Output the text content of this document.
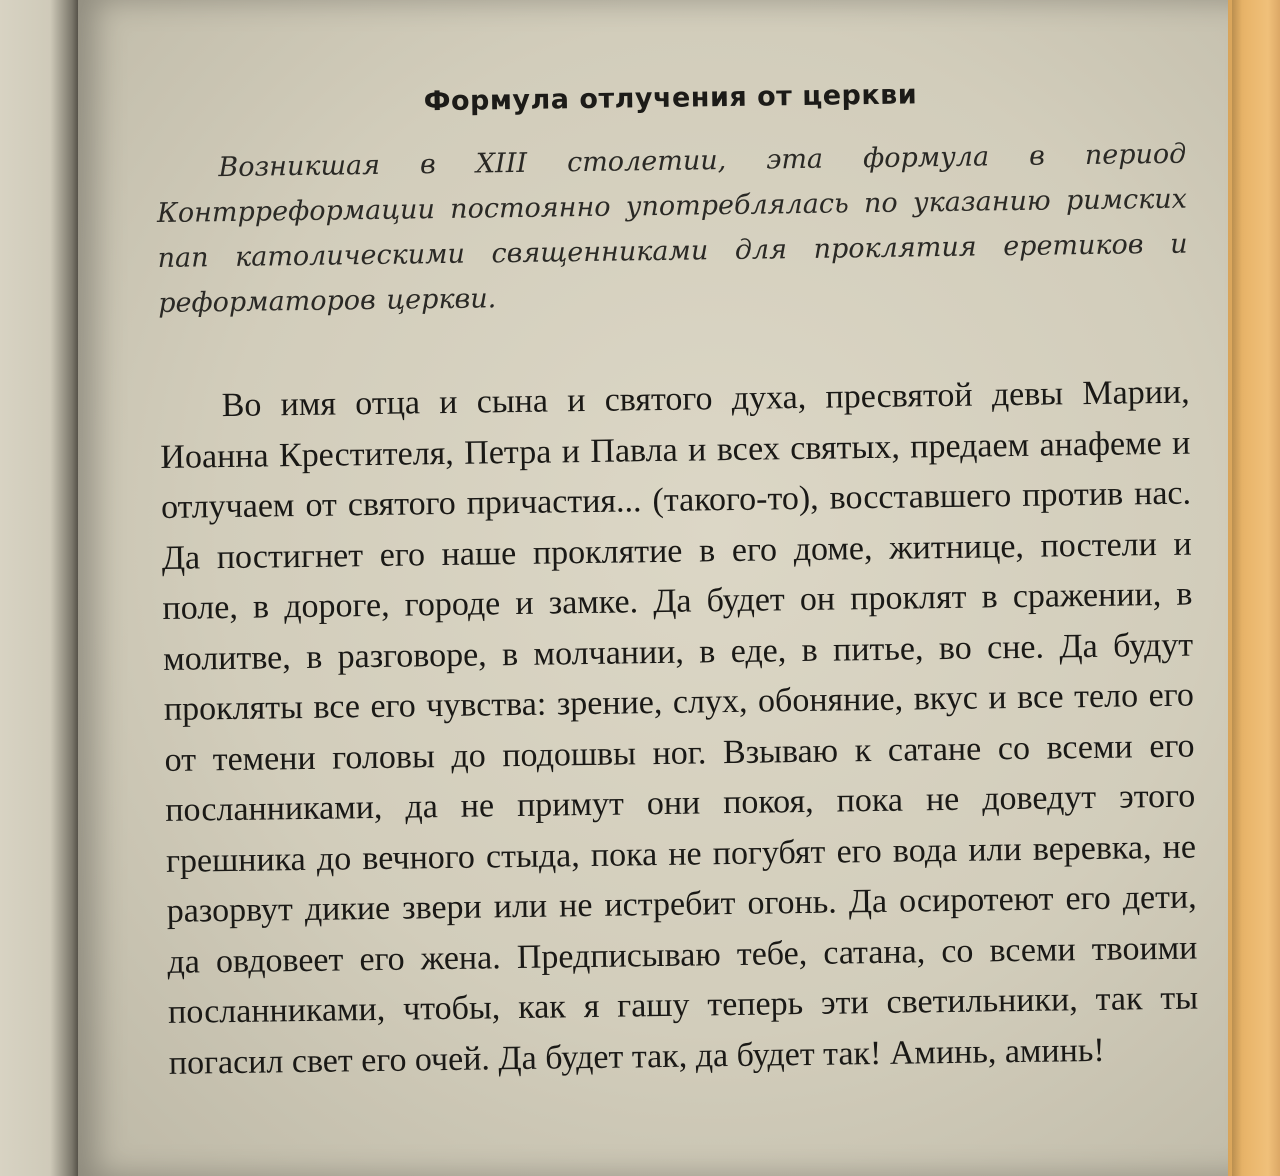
Формула отлучения от церкви

Возникшая в XIII столетии, эта формула в период Контрреформации постоянно употреблялась по указанию римских пап католическими священниками для проклятия еретиков и реформаторов церкви.

Во имя отца и сына и святого духа, пресвятой девы Марии, Иоанна Крестителя, Петра и Павла и всех святых, предаем анафеме и отлучаем от святого причастия... (такого-то), восставшего против нас. Да постигнет его наше проклятие в его доме, житнице, постели и поле, в дороге, городе и замке. Да будет он проклят в сражении, в молитве, в разговоре, в молчании, в еде, в питье, во сне. Да будут прокляты все его чувства: зрение, слух, обоняние, вкус и все тело его от темени головы до подошвы ног. Взываю к сатане со всеми его посланниками, да не примут они покоя, пока не доведут этого грешника до вечного стыда, пока не погубят его вода или веревка, не разорвут дикие звери или не истребит огонь. Да осиротеют его дети, да овдовеет его жена. Предписываю тебе, сатана, со всеми твоими посланниками, чтобы, как я гашу теперь эти светильники, так ты погасил свет его очей. Да будет так, да будет так! Аминь, аминь!
